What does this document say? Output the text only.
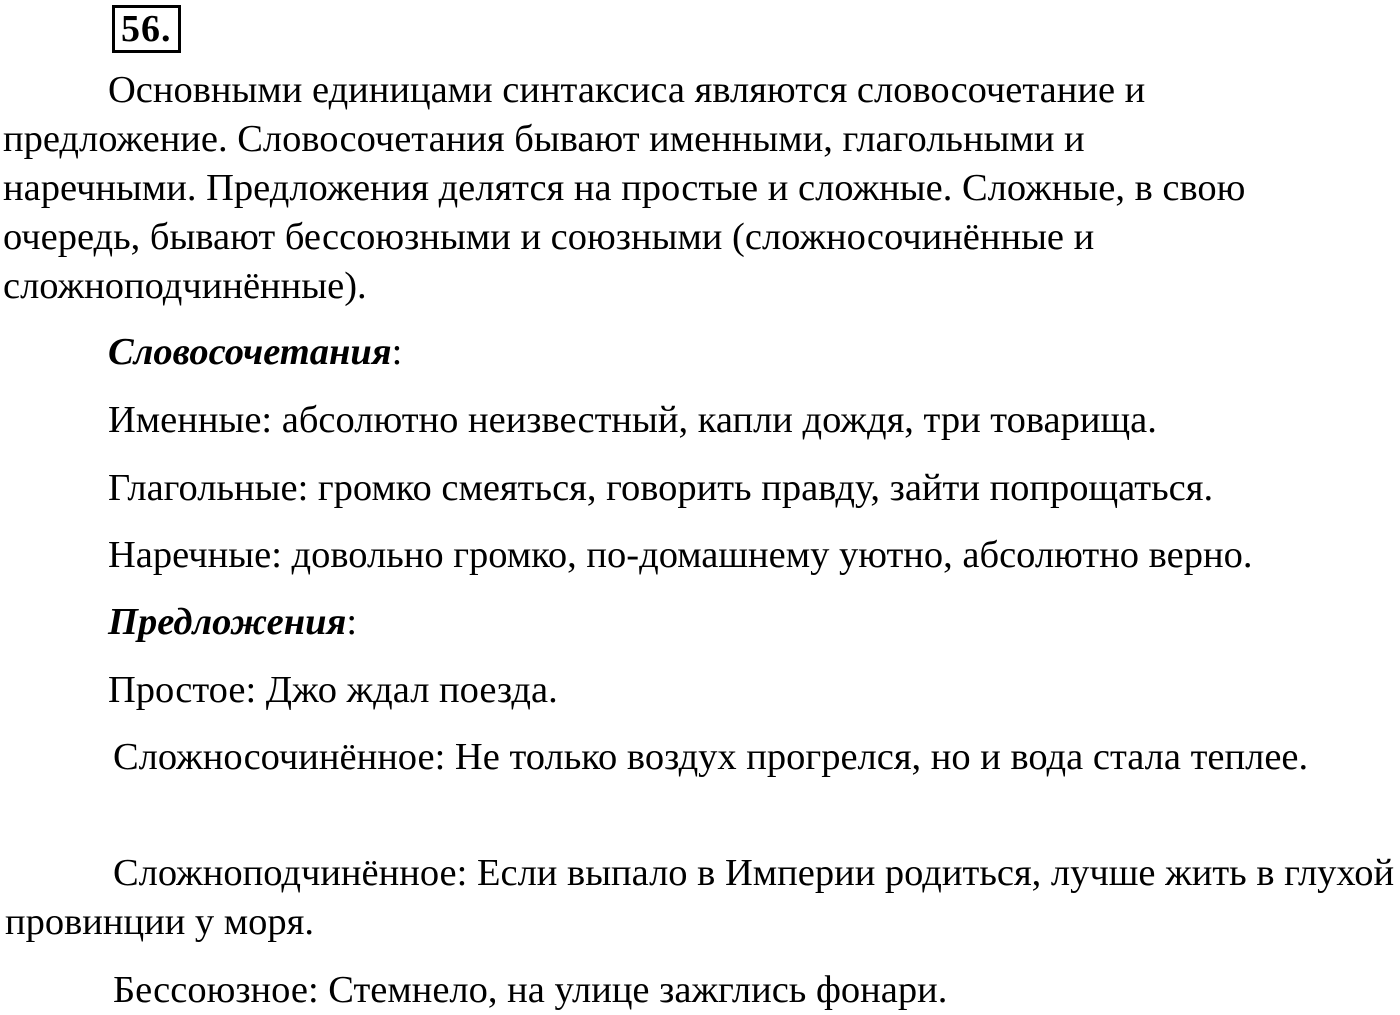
56.

Основными единицами синтаксиса являются словосочетание и

предложение. Словосочетания бывают именными, глагольными и

наречными. Предложения делятся на простые и сложные. Сложные, в свою

очередь, бывают бессоюзными и союзными (сложносочинённые и

сложноподчинённые).

Словосочетания:

Именные: абсолютно неизвестный, капли дождя, три товарища.

Глагольные: громко смеяться, говорить правду, зайти попрощаться.

Наречные: довольно громко, по-домашнему уютно, абсолютно верно.

Предложения:

Простое: Джо ждал поезда.

Сложносочинённое: Не только воздух прогрелся, но и вода стала теплее.

Сложноподчинённое: Если выпало в Империи родиться, лучше жить в глухой провинции у моря.

Бессоюзное: Стемнело, на улице зажглись фонари.
